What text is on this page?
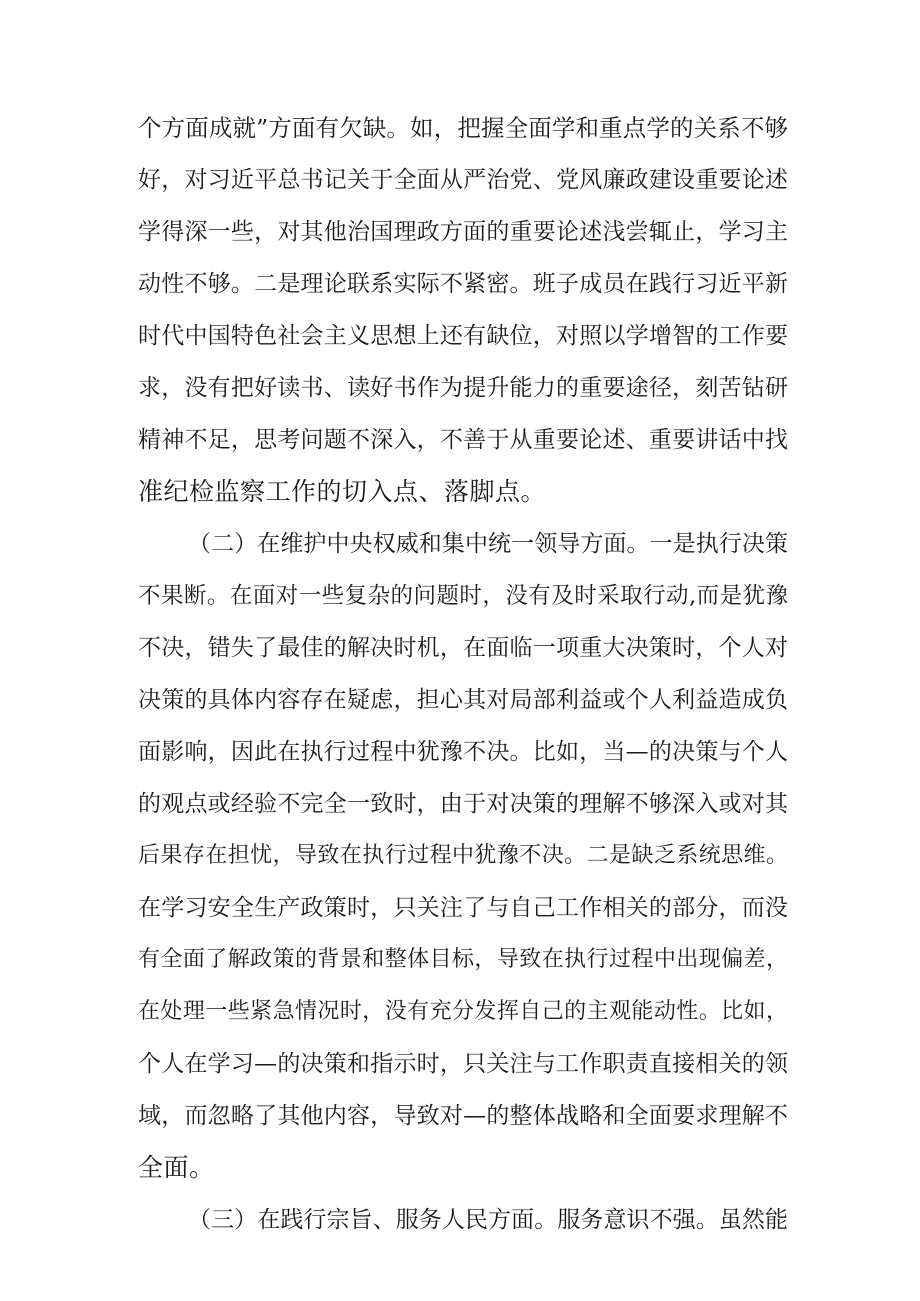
个方面成就”方面有欠缺。如，把握全面学和重点学的关系不够
好，对习近平总书记关于全面从严治党、党风廉政建设重要论述
学得深一些，对其他治国理政方面的重要论述浅尝辄止，学习主
动性不够。二是理论联系实际不紧密。班子成员在践行习近平新
时代中国特色社会主义思想上还有缺位，对照以学增智的工作要
求，没有把好读书、读好书作为提升能力的重要途径，刻苦钻研
精神不足，思考问题不深入，不善于从重要论述、重要讲话中找
准纪检监察工作的切入点、落脚点。
（二）在维护中央权威和集中统一领导方面。一是执行决策
不果断。在面对一些复杂的问题时，没有及时采取行动,而是犹豫
不决，错失了最佳的解决时机，在面临一项重大决策时，个人对
决策的具体内容存在疑虑，担心其对局部利益或个人利益造成负
面影响，因此在执行过程中犹豫不决。比如，当—的决策与个人
的观点或经验不完全一致时，由于对决策的理解不够深入或对其
后果存在担忧，导致在执行过程中犹豫不决。二是缺乏系统思维。
在学习安全生产政策时，只关注了与自己工作相关的部分，而没
有全面了解政策的背景和整体目标，导致在执行过程中出现偏差，
在处理一些紧急情况时，没有充分发挥自己的主观能动性。比如，
个人在学习—的决策和指示时，只关注与工作职责直接相关的领
域，而忽略了其他内容，导致对—的整体战略和全面要求理解不
全面。
（三）在践行宗旨、服务人民方面。服务意识不强。虽然能
